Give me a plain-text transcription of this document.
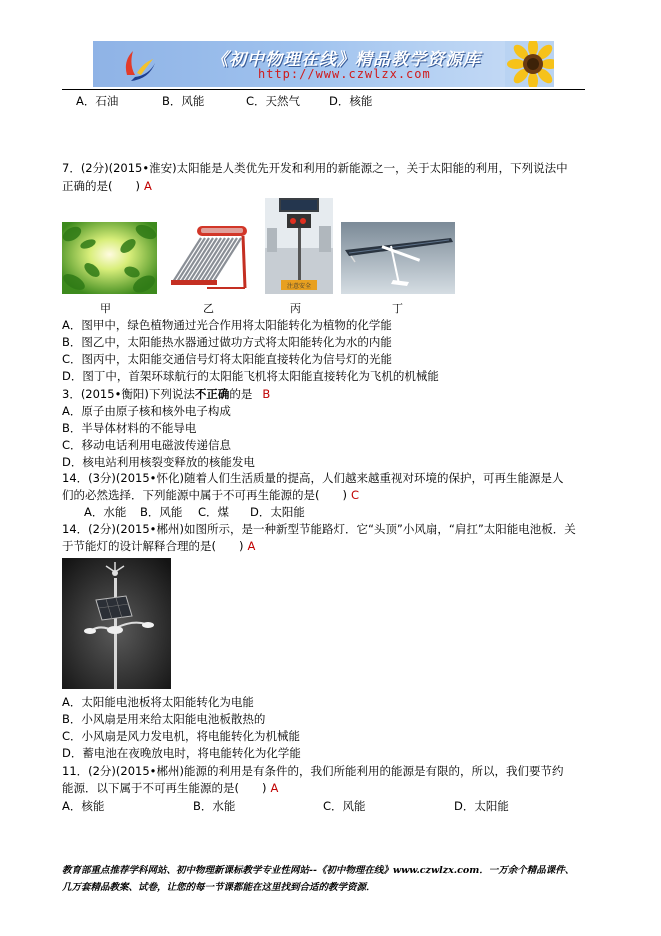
《初中物理在线》精品教学资源库
http://www.czwlzx.com
A．石油	B．风能	C．天然气	D．核能
7．(2分)(2015•淮安)太阳能是人类优先开发和利用的新能源之一，关于太阳能的利用，下列说法中
正确的是(　　) A
注意安全
甲	乙	丙	丁
A．图甲中，绿色植物通过光合作用将太阳能转化为植物的化学能
B．图乙中，太阳能热水器通过做功方式将太阳能转化为水的内能
C．图丙中，太阳能交通信号灯将太阳能直接转化为信号灯的光能
D．图丁中，首架环球航行的太阳能飞机将太阳能直接转化为飞机的机械能
3．(2015•衡阳)下列说法不正确的是 B
A．原子由原子核和核外电子构成
B．半导体材料的不能导电
C．移动电话利用电磁波传递信息
D．核电站利用核裂变释放的核能发电
14．(3分)(2015•怀化)随着人们生活质量的提高，人们越来越重视对环境的保护，可再生能源是人
们的必然选择．下列能源中属于不可再生能源的是(　　) C
A．水能 B．风能 C．煤 D．太阳能
14．(2分)(2015•郴州)如图所示，是一种新型节能路灯．它“头顶”小风扇，“肩扛”太阳能电池板．关
于节能灯的设计解释合理的是(　　) A
A．太阳能电池板将太阳能转化为电能
B．小风扇是用来给太阳能电池板散热的
C．小风扇是风力发电机，将电能转化为机械能
D．蓄电池在夜晚放电时，将电能转化为化学能
11．(2分)(2015•郴州)能源的利用是有条件的，我们所能利用的能源是有限的，所以，我们要节约
能源．以下属于不可再生能源的是(　　) A
A．核能	B．水能	C．风能	D．太阳能
教育部重点推荐学科网站、初中物理新课标教学专业性网站--《初中物理在线》www.czwlzx.com．一万余个精品课件、
几万套精品教案、试卷，让您的每一节课都能在这里找到合适的教学资源．
